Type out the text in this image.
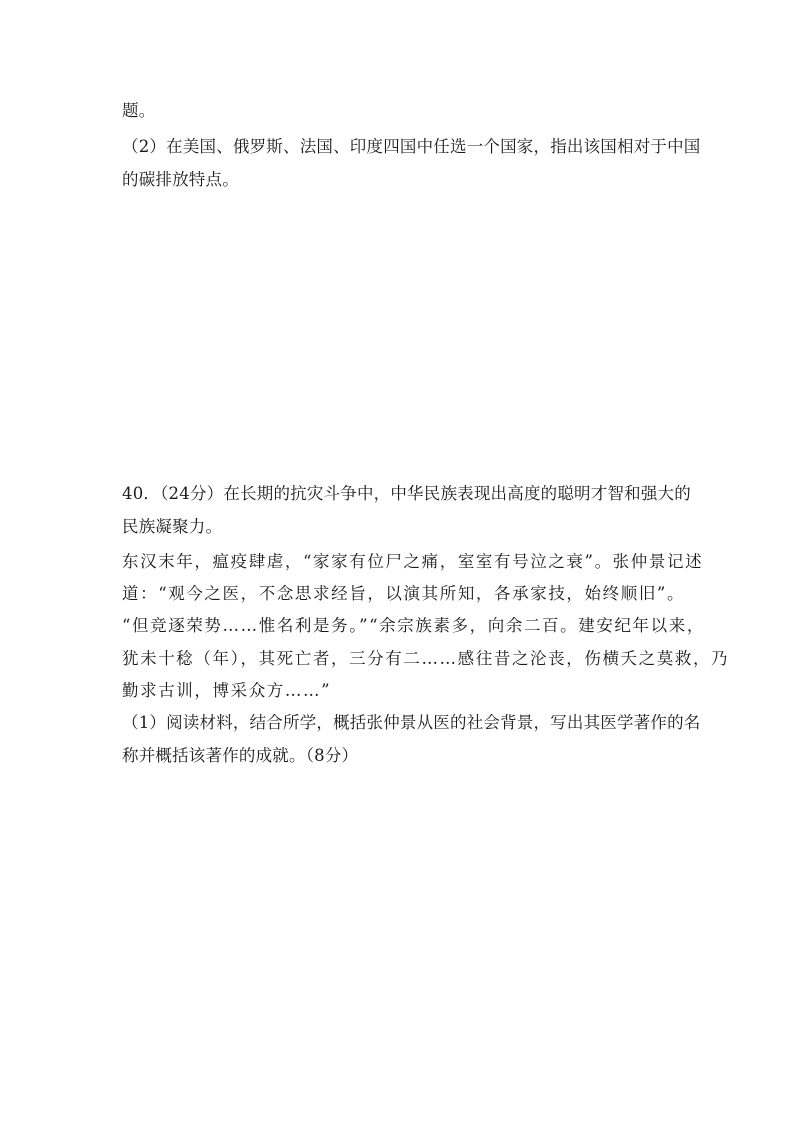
题。
（2）在美国、俄罗斯、法国、印度四国中任选一个国家，指出该国相对于中国
的碳排放特点。
40．（24分）在长期的抗灾斗争中，中华民族表现出高度的聪明才智和强大的
民族凝聚力。
东汉末年，瘟疫肆虐，“家家有位尸之痛，室室有号泣之衰”。张仲景记述
道：“观今之医，不念思求经旨，以演其所知，各承家技，始终顺旧”。
“但竞逐荣势……惟名利是务。”“余宗族素多，向余二百。建安纪年以来，
犹未十稔（年），其死亡者，三分有二……感往昔之沦丧，伤横夭之莫救，乃
勤求古训，博采众方……”
（1）阅读材料，结合所学，概括张仲景从医的社会背景，写出其医学著作的名
称并概括该著作的成就。（8分）
